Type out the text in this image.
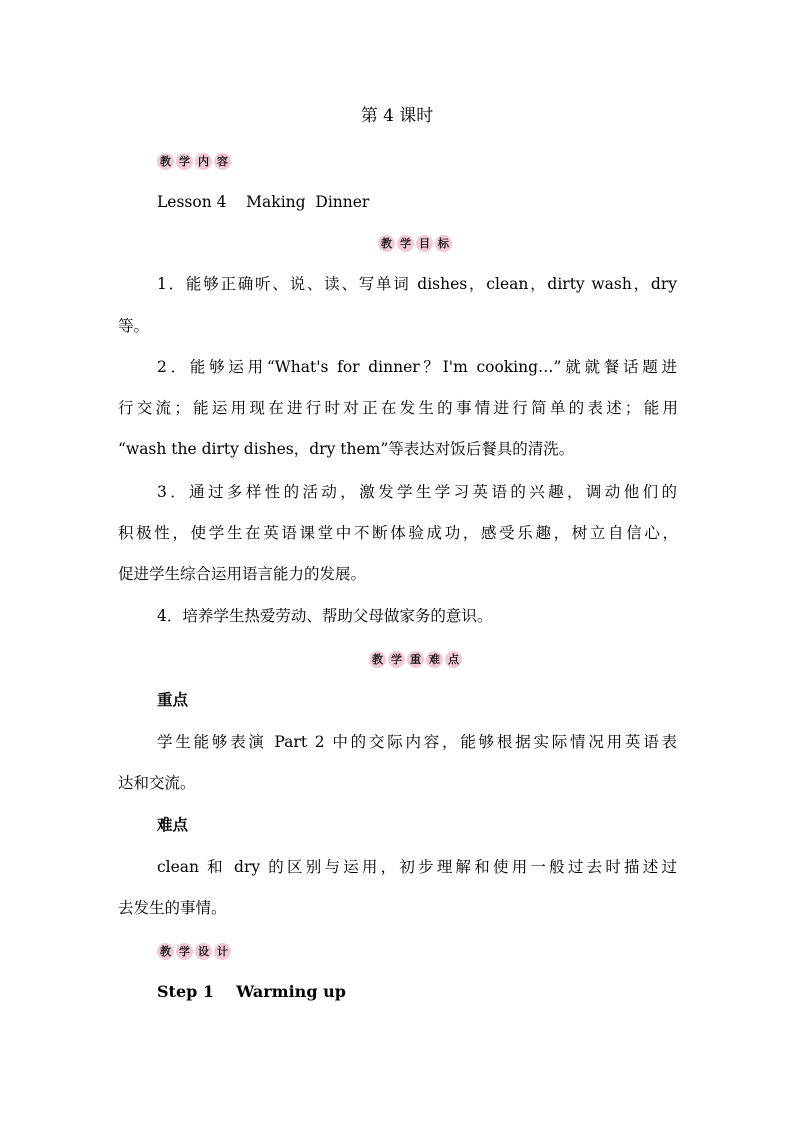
第 4 课时
教 学 内 容
Lesson 4    Making  Dinner
教 学 目 标
1．能够正确听、说、读、写单词 dishes，clean，dirty wash，dry
等。
2．能够运用“What's for dinner？I'm cooking…”就就餐话题进
行交流；能运用现在进行时对正在发生的事情进行简单的表述；能用
“wash the dirty dishes，dry them”等表达对饭后餐具的清洗。
3．通过多样性的活动，激发学生学习英语的兴趣，调动他们的
积极性，使学生在英语课堂中不断体验成功，感受乐趣，树立自信心，
促进学生综合运用语言能力的发展。
4．培养学生热爱劳动、帮助父母做家务的意识。
教 学 重 难 点
重点
学生能够表演 Part 2 中的交际内容，能够根据实际情况用英语表
达和交流。
难点
clean 和 dry 的区别与运用，初步理解和使用一般过去时描述过
去发生的事情。
教 学 设 计
Step 1    Warming up
